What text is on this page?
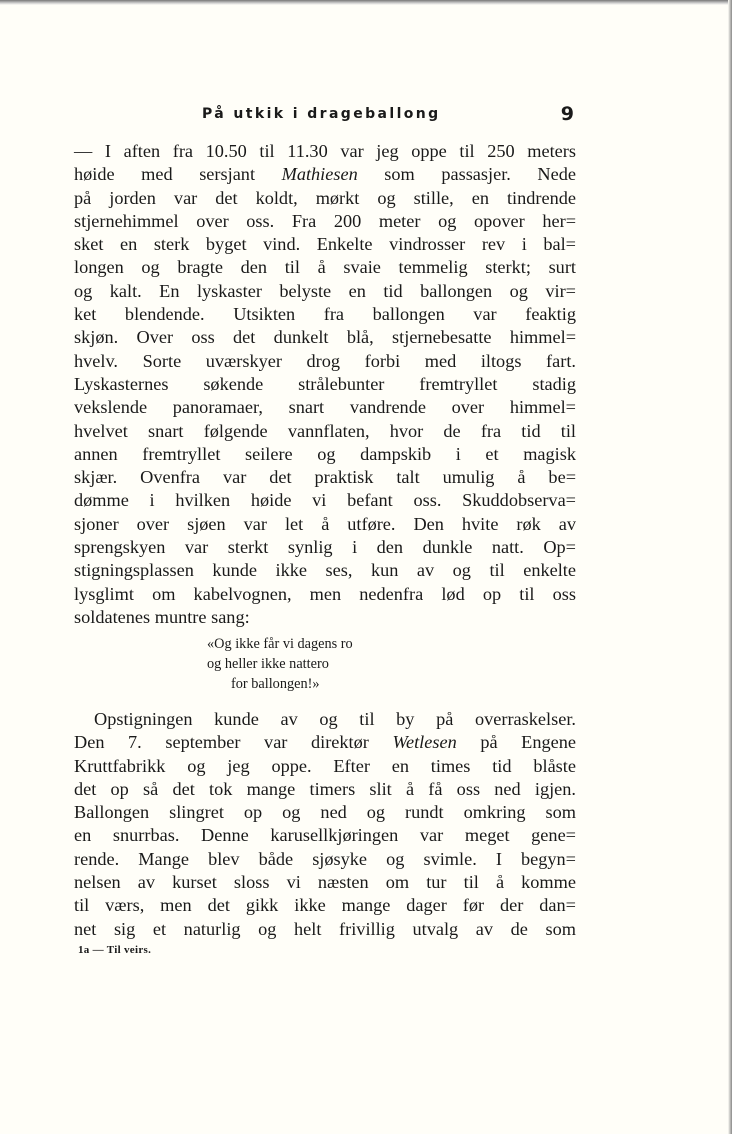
På utkik i drageballong	9
— I aften fra 10.50 til 11.30 var jeg oppe til 250 meters
høide med sersjant Mathiesen som passasjer. Nede
på jorden var det koldt, mørkt og stille, en tindrende
stjernehimmel over oss. Fra 200 meter og opover her=
sket en sterk byget vind. Enkelte vindrosser rev i bal=
longen og bragte den til å svaie temmelig sterkt; surt
og kalt. En lyskaster belyste en tid ballongen og vir=
ket blendende. Utsikten fra ballongen var feaktig
skjøn. Over oss det dunkelt blå, stjernebesatte himmel=
hvelv. Sorte uværskyer drog forbi med iltogs fart.
Lyskasternes søkende strålebunter fremtryllet stadig
vekslende panoramaer, snart vandrende over himmel=
hvelvet snart følgende vannflaten, hvor de fra tid til
annen fremtryllet seilere og dampskib i et magisk
skjær. Ovenfra var det praktisk talt umulig å be=
dømme i hvilken høide vi befant oss. Skuddobserva=
sjoner over sjøen var let å utføre. Den hvite røk av
sprengskyen var sterkt synlig i den dunkle natt. Op=
stigningsplassen kunde ikke ses, kun av og til enkelte
lysglimt om kabelvognen, men nedenfra lød op til oss
soldatenes muntre sang:
«Og ikke får vi dagens ro
og heller ikke nattero
for ballongen!»
Opstigningen kunde av og til by på overraskelser.
Den 7. september var direktør Wetlesen på Engene
Kruttfabrikk og jeg oppe. Efter en times tid blåste
det op så det tok mange timers slit å få oss ned igjen.
Ballongen slingret op og ned og rundt omkring som
en snurrbas. Denne karusellkjøringen var meget gene=
rende. Mange blev både sjøsyke og svimle. I begyn=
nelsen av kurset sloss vi næsten om tur til å komme
til værs, men det gikk ikke mange dager før der dan=
net sig et naturlig og helt frivillig utvalg av de som
1a — Til veirs.
